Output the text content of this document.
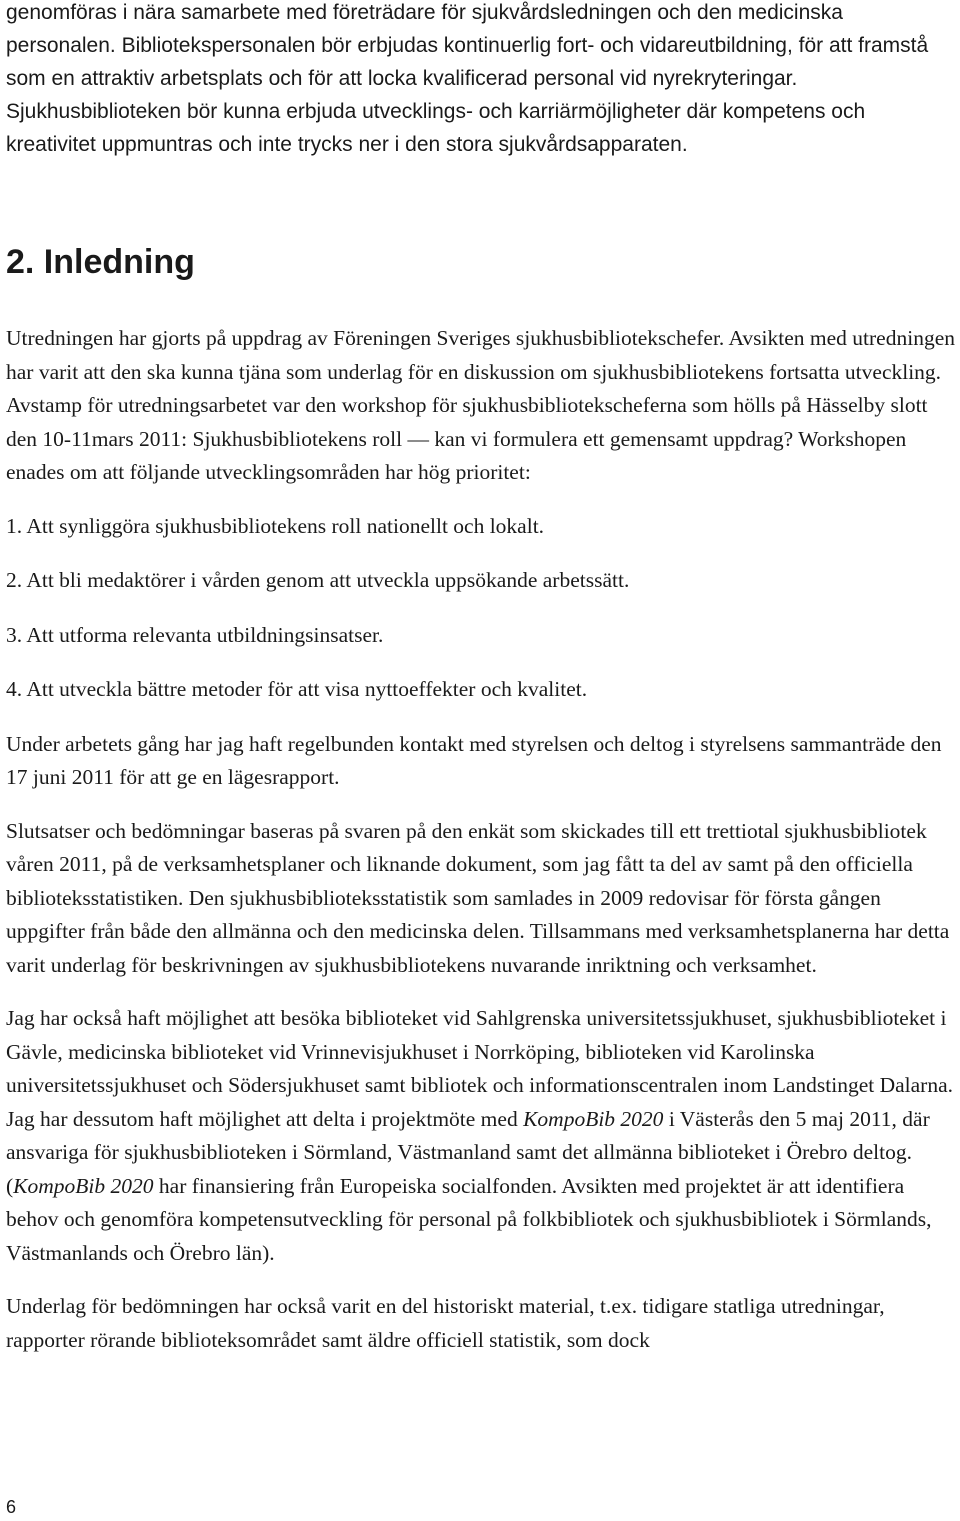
genomföras i nära samarbete med företrädare för sjukvårdsledningen och den medicinska personalen. Bibliotekspersonalen bör erbjudas kontinuerlig fort- och vidareutbildning, för att framstå som en attraktiv arbetsplats och för att locka kvalificerad personal vid nyrekryteringar. Sjukhusbiblioteken bör kunna erbjuda utvecklings- och karriärmöjligheter där kompetens och kreativitet uppmuntras och inte trycks ner i den stora sjukvårdsapparaten.

2. Inledning

Utredningen har gjorts på uppdrag av Föreningen Sveriges sjukhusbibliotekschefer. Avsikten med utredningen har varit att den ska kunna tjäna som underlag för en diskussion om sjukhusbibliotekens fortsatta utveckling. Avstamp för utredningsarbetet var den workshop för sjukhusbibliotekscheferna som hölls på Hässelby slott den 10-11mars 2011: Sjukhusbibliotekens roll — kan vi formulera ett gemensamt uppdrag? Workshopen enades om att följande utvecklingsområden har hög prioritet:

1. Att synliggöra sjukhusbibliotekens roll nationellt och lokalt.

2. Att bli medaktörer i vården genom att utveckla uppsökande arbetssätt.

3. Att utforma relevanta utbildningsinsatser.

4. Att utveckla bättre metoder för att visa nyttoeffekter och kvalitet.

Under arbetets gång har jag haft regelbunden kontakt med styrelsen och deltog i styrelsens sammanträde den 17 juni 2011 för att ge en lägesrapport.

Slutsatser och bedömningar baseras på svaren på den enkät som skickades till ett trettiotal sjukhusbibliotek våren 2011, på de verksamhetsplaner och liknande dokument, som jag fått ta del av samt på den officiella biblioteksstatistiken. Den sjukhusbiblioteksstatistik som samlades in 2009 redovisar för första gången uppgifter från både den allmänna och den medicinska delen. Tillsammans med verksamhetsplanerna har detta varit underlag för beskrivningen av sjukhusbibliotekens nuvarande inriktning och verksamhet.

Jag har också haft möjlighet att besöka biblioteket vid Sahlgrenska universitetssjukhuset, sjukhusbiblioteket i Gävle, medicinska biblioteket vid Vrinnevisjukhuset i Norrköping, biblioteken vid Karolinska universitetssjukhuset och Södersjukhuset samt bibliotek och informationscentralen inom Landstinget Dalarna. Jag har dessutom haft möjlighet att delta i projektmöte med KompoBib 2020 i Västerås den 5 maj 2011, där ansvariga för sjukhusbiblioteken i Sörmland, Västmanland samt det allmänna biblioteket i Örebro deltog. (KompoBib 2020 har finansiering från Europeiska socialfonden. Avsikten med projektet är att identifiera behov och genomföra kompetensutveckling för personal på folkbibliotek och sjukhusbibliotek i Sörmlands, Västmanlands och Örebro län).

Underlag för bedömningen har också varit en del historiskt material, t.ex. tidigare statliga utredningar, rapporter rörande biblioteksområdet samt äldre officiell statistik, som dock

6
